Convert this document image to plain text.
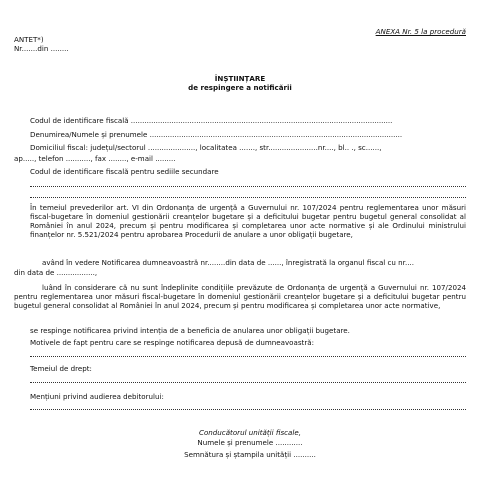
ANEXA Nr. 5 la procedură
ANTET*)
Nr.......din ........
ÎNȘTIINȚARE
de respingere a notificării
Codul de identificare fiscală ....................................................................................................................
Denumirea/Numele și prenumele ................................................................................................................
Domiciliul fiscal: județul/sectorul ....................., localitatea ......., str......................nr...., bl.. ., sc......,
ap....., telefon ..........., fax ........, e-mail .........
Codul de identificare fiscală pentru sediile secundare
În temeiul prevederilor art. VI din Ordonanța de urgență a Guvernului nr. 107/2024 pentru reglementarea unor măsuri fiscal-bugetare în domeniul gestionării creanțelor bugetare și a deficitului bugetar pentru bugetul general consolidat al României în anul 2024, precum și pentru modificarea și completarea unor acte normative și ale Ordinului ministrului finanțelor nr. 5.521/2024 pentru aprobarea Procedurii de anulare a unor obligații bugetare,
având în vedere Notificarea dumneavoastră nr........din data de ......, înregistrată la organul fiscal cu nr....
din data de .................,
luând în considerare că nu sunt îndeplinite condițiile prevăzute de Ordonanța de urgență a Guvernului nr. 107/2024 pentru reglementarea unor măsuri fiscal-bugetare în domeniul gestionării creanțelor bugetare și a deficitului bugetar pentru bugetul general consolidat al României în anul 2024, precum și pentru modificarea și completarea unor acte normative,
se respinge notificarea privind intenția de a beneficia de anularea unor obligații bugetare.
Motivele de fapt pentru care se respinge notificarea depusă de dumneavoastră:
Temeiul de drept:
Mențiuni privind audierea debitorului:
Conducătorul unității fiscale,
Numele și prenumele ............
Semnătura și ștampila unității ..........
